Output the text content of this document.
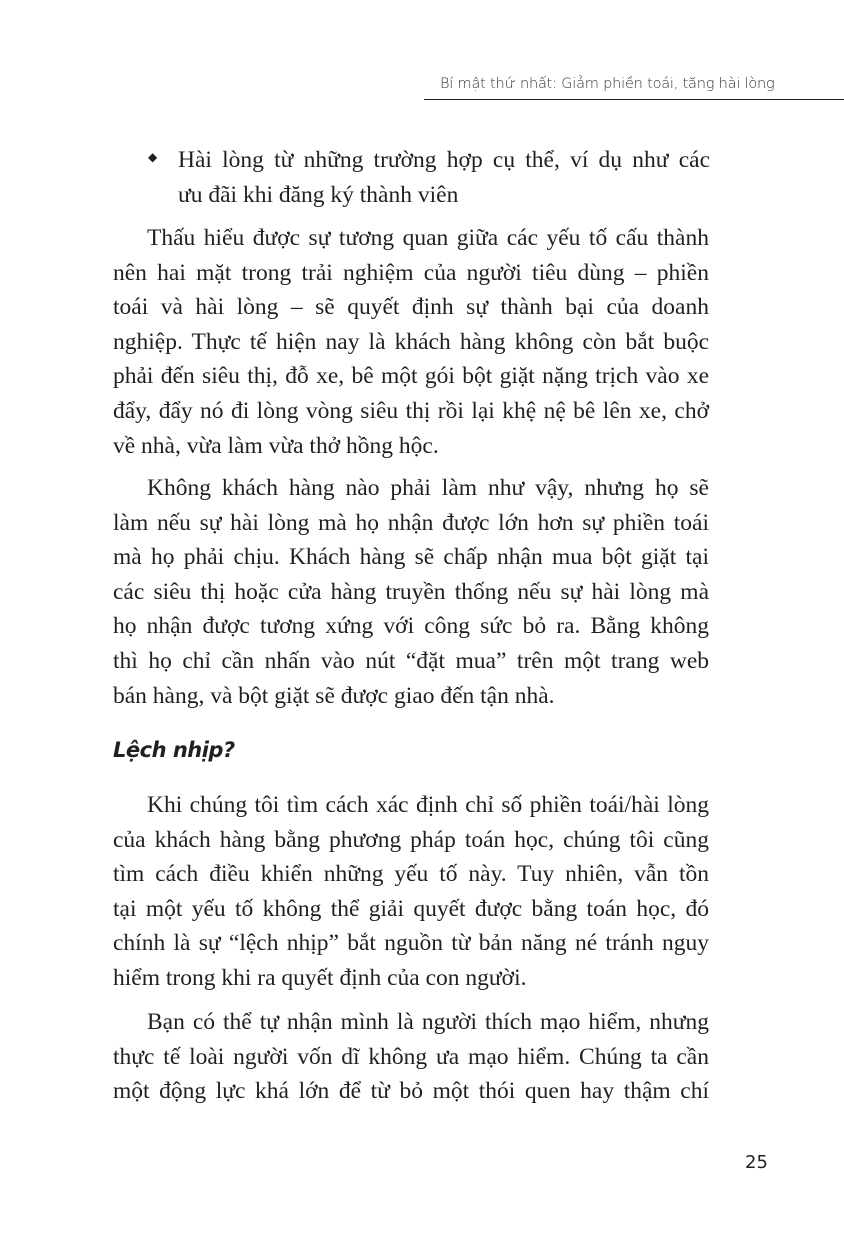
Bí mật thứ nhất: Giảm phiền toái, tăng hài lòng
◆ Hài lòng từ những trường hợp cụ thể, ví dụ như các
ưu đãi khi đăng ký thành viên
Thấu hiểu được sự tương quan giữa các yếu tố cấu thành
nên hai mặt trong trải nghiệm của người tiêu dùng – phiền
toái và hài lòng – sẽ quyết định sự thành bại của doanh
nghiệp. Thực tế hiện nay là khách hàng không còn bắt buộc
phải đến siêu thị, đỗ xe, bê một gói bột giặt nặng trịch vào xe
đẩy, đẩy nó đi lòng vòng siêu thị rồi lại khệ nệ bê lên xe, chở
về nhà, vừa làm vừa thở hồng hộc.
Không khách hàng nào phải làm như vậy, nhưng họ sẽ
làm nếu sự hài lòng mà họ nhận được lớn hơn sự phiền toái
mà họ phải chịu. Khách hàng sẽ chấp nhận mua bột giặt tại
các siêu thị hoặc cửa hàng truyền thống nếu sự hài lòng mà
họ nhận được tương xứng với công sức bỏ ra. Bằng không
thì họ chỉ cần nhấn vào nút “đặt mua” trên một trang web
bán hàng, và bột giặt sẽ được giao đến tận nhà.
Lệch nhịp?
Khi chúng tôi tìm cách xác định chỉ số phiền toái/hài lòng
của khách hàng bằng phương pháp toán học, chúng tôi cũng
tìm cách điều khiển những yếu tố này. Tuy nhiên, vẫn tồn
tại một yếu tố không thể giải quyết được bằng toán học, đó
chính là sự “lệch nhịp” bắt nguồn từ bản năng né tránh nguy
hiểm trong khi ra quyết định của con người.
Bạn có thể tự nhận mình là người thích mạo hiểm, nhưng
thực tế loài người vốn dĩ không ưa mạo hiểm. Chúng ta cần
một động lực khá lớn để từ bỏ một thói quen hay thậm chí
25
